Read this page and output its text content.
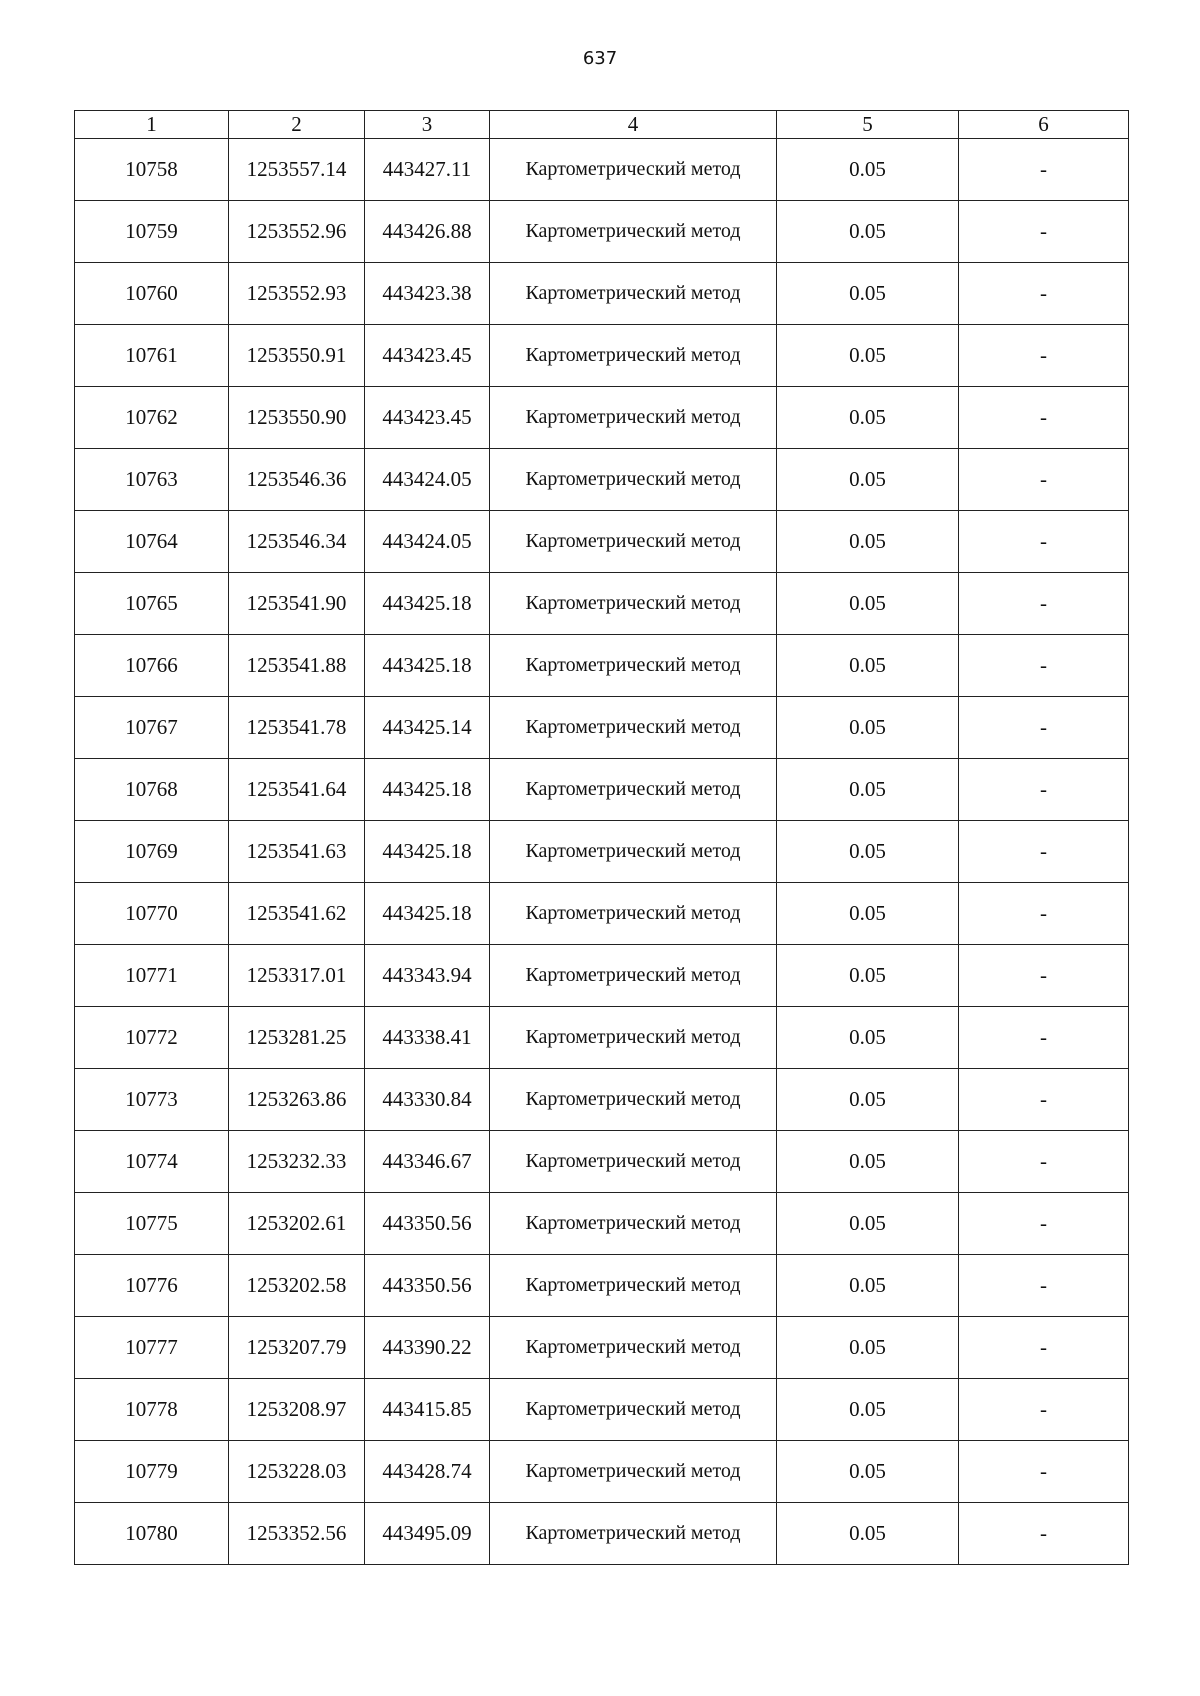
637
1	2	3	4	5	6
10758	1253557.14	443427.11	Картометрический метод	0.05	-
10759	1253552.96	443426.88	Картометрический метод	0.05	-
10760	1253552.93	443423.38	Картометрический метод	0.05	-
10761	1253550.91	443423.45	Картометрический метод	0.05	-
10762	1253550.90	443423.45	Картометрический метод	0.05	-
10763	1253546.36	443424.05	Картометрический метод	0.05	-
10764	1253546.34	443424.05	Картометрический метод	0.05	-
10765	1253541.90	443425.18	Картометрический метод	0.05	-
10766	1253541.88	443425.18	Картометрический метод	0.05	-
10767	1253541.78	443425.14	Картометрический метод	0.05	-
10768	1253541.64	443425.18	Картометрический метод	0.05	-
10769	1253541.63	443425.18	Картометрический метод	0.05	-
10770	1253541.62	443425.18	Картометрический метод	0.05	-
10771	1253317.01	443343.94	Картометрический метод	0.05	-
10772	1253281.25	443338.41	Картометрический метод	0.05	-
10773	1253263.86	443330.84	Картометрический метод	0.05	-
10774	1253232.33	443346.67	Картометрический метод	0.05	-
10775	1253202.61	443350.56	Картометрический метод	0.05	-
10776	1253202.58	443350.56	Картометрический метод	0.05	-
10777	1253207.79	443390.22	Картометрический метод	0.05	-
10778	1253208.97	443415.85	Картометрический метод	0.05	-
10779	1253228.03	443428.74	Картометрический метод	0.05	-
10780	1253352.56	443495.09	Картометрический метод	0.05	-
